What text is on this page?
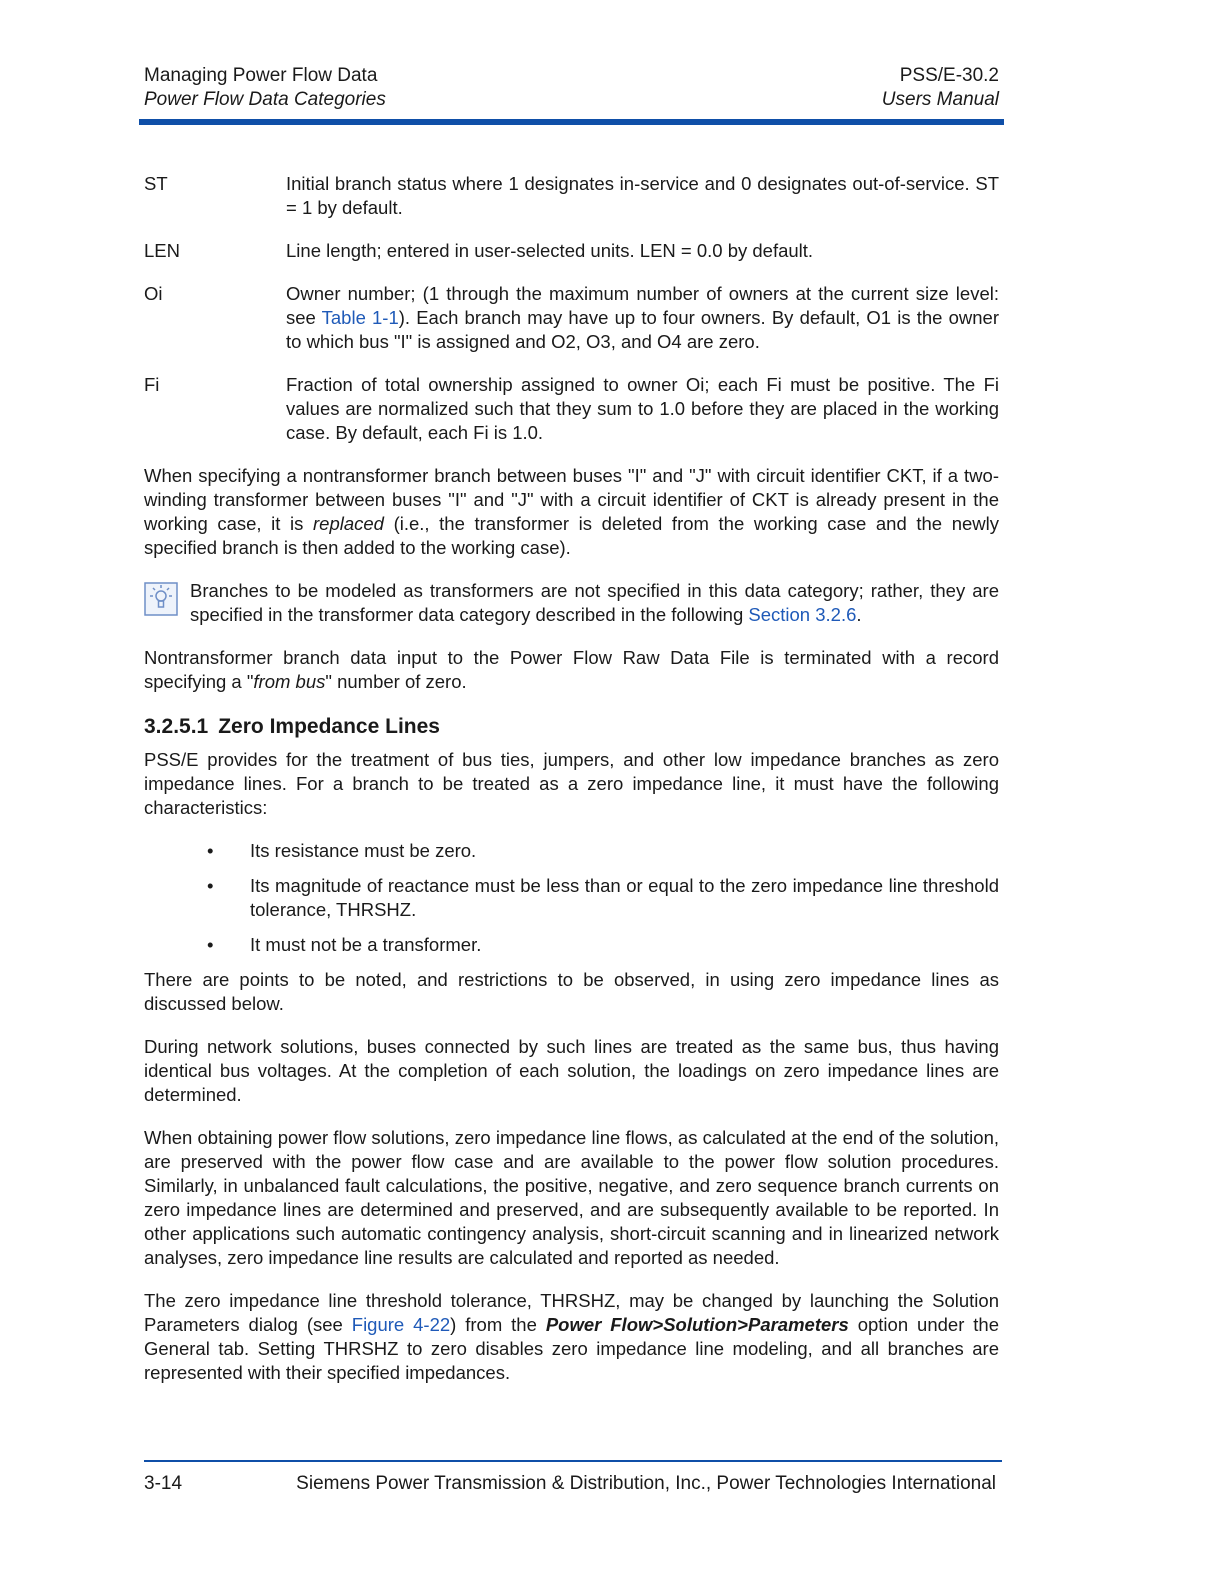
Managing Power Flow Data
Power Flow Data Categories
PSS/E-30.2
Users Manual
ST	Initial branch status where 1 designates in-service and 0 designates out-of-service. ST = 1 by default.
LEN	Line length; entered in user-selected units. LEN = 0.0 by default.
Oi	Owner number; (1 through the maximum number of owners at the current size level: see Table 1-1). Each branch may have up to four owners. By default, O1 is the owner to which bus "I" is assigned and O2, O3, and O4 are zero.
Fi	Fraction of total ownership assigned to owner Oi; each Fi must be positive. The Fi values are normalized such that they sum to 1.0 before they are placed in the working case. By default, each Fi is 1.0.

When specifying a nontransformer branch between buses "I" and "J" with circuit identifier CKT, if a two-winding transformer between buses "I" and "J" with a circuit identifier of CKT is already present in the working case, it is replaced (i.e., the transformer is deleted from the working case and the newly specified branch is then added to the working case).

Branches to be modeled as transformers are not specified in this data category; rather, they are specified in the transformer data category described in the following Section 3.2.6.

Nontransformer branch data input to the Power Flow Raw Data File is terminated with a record specifying a "from bus" number of zero.

3.2.5.1 Zero Impedance Lines

PSS/E provides for the treatment of bus ties, jumpers, and other low impedance branches as zero impedance lines. For a branch to be treated as a zero impedance line, it must have the following characteristics:

• Its resistance must be zero.
• Its magnitude of reactance must be less than or equal to the zero impedance line threshold tolerance, THRSHZ.
• It must not be a transformer.

There are points to be noted, and restrictions to be observed, in using zero impedance lines as discussed below.

During network solutions, buses connected by such lines are treated as the same bus, thus having identical bus voltages. At the completion of each solution, the loadings on zero impedance lines are determined.

When obtaining power flow solutions, zero impedance line flows, as calculated at the end of the solution, are preserved with the power flow case and are available to the power flow solution procedures. Similarly, in unbalanced fault calculations, the positive, negative, and zero sequence branch currents on zero impedance lines are determined and preserved, and are subsequently available to be reported. In other applications such automatic contingency analysis, short-circuit scanning and in linearized network analyses, zero impedance line results are calculated and reported as needed.

The zero impedance line threshold tolerance, THRSHZ, may be changed by launching the Solution Parameters dialog (see Figure 4-22) from the Power Flow>Solution>Parameters option under the General tab. Setting THRSHZ to zero disables zero impedance line modeling, and all branches are represented with their specified impedances.

3-14	Siemens Power Transmission & Distribution, Inc., Power Technologies International
